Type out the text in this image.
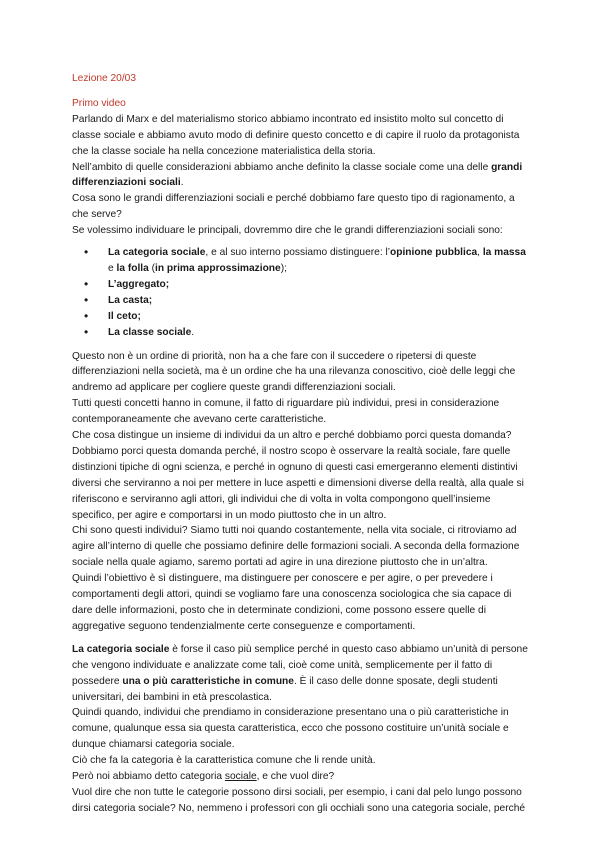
Lezione 20/03

Primo video

Parlando di Marx e del materialismo storico abbiamo incontrato ed insistito molto sul concetto di classe sociale e abbiamo avuto modo di definire questo concetto e di capire il ruolo da protagonista che la classe sociale ha nella concezione materialistica della storia.

Nell’ambito di quelle considerazioni abbiamo anche definito la classe sociale come una delle grandi differenziazioni sociali.

Cosa sono le grandi differenziazioni sociali e perché dobbiamo fare questo tipo di ragionamento, a che serve?

Se volessimo individuare le principali, dovremmo dire che le grandi differenziazioni sociali sono:

• La categoria sociale, e al suo interno possiamo distinguere: l’opinione pubblica, la massa e la folla (in prima approssimazione);
• L’aggregato;
• La casta;
• Il ceto;
• La classe sociale.

Questo non è un ordine di priorità, non ha a che fare con il succedere o ripetersi di queste differenziazioni nella società, ma è un ordine che ha una rilevanza conoscitivo, cioè delle leggi che andremo ad applicare per cogliere queste grandi differenziazioni sociali.

Tutti questi concetti hanno in comune, il fatto di riguardare più individui, presi in considerazione contemporaneamente che avevano certe caratteristiche.

Che cosa distingue un insieme di individui da un altro e perché dobbiamo porci questa domanda?

Dobbiamo porci questa domanda perché, il nostro scopo è osservare la realtà sociale, fare quelle distinzioni tipiche di ogni scienza, e perché in ognuno di questi casi emergeranno elementi distintivi diversi che serviranno a noi per mettere in luce aspetti e dimensioni diverse della realtà, alla quale si riferiscono e serviranno agli attori, gli individui che di volta in volta compongono quell’insieme specifico, per agire e comportarsi in un modo piuttosto che in un altro.

Chi sono questi individui? Siamo tutti noi quando costantemente, nella vita sociale, ci ritroviamo ad agire all’interno di quelle che possiamo definire delle formazioni sociali. A seconda della formazione sociale nella quale agiamo, saremo portati ad agire in una direzione piuttosto che in un’altra.

Quindi l’obiettivo è sì distinguere, ma distinguere per conoscere e per agire, o per prevedere i comportamenti degli attori, quindi se vogliamo fare una conoscenza sociologica che sia capace di dare delle informazioni, posto che in determinate condizioni, come possono essere quelle di aggregative seguono tendenzialmente certe conseguenze e comportamenti.

La categoria sociale è forse il caso più semplice perché in questo caso abbiamo un’unità di persone che vengono individuate e analizzate come tali, cioè come unità, semplicemente per il fatto di possedere una o più caratteristiche in comune. È il caso delle donne sposate, degli studenti universitari, dei bambini in età prescolastica.

Quindi quando, individui che prendiamo in considerazione presentano una o più caratteristiche in comune, qualunque essa sia questa caratteristica, ecco che possono costituire un’unità sociale e dunque chiamarsi categoria sociale.

Ciò che fa la categoria è la caratteristica comune che li rende unità.

Però noi abbiamo detto categoria sociale, e che vuol dire?

Vuol dire che non tutte le categorie possono dirsi sociali, per esempio, i cani dal pelo lungo possono dirsi categoria sociale? No, nemmeno i professori con gli occhiali sono una categoria sociale, perché
